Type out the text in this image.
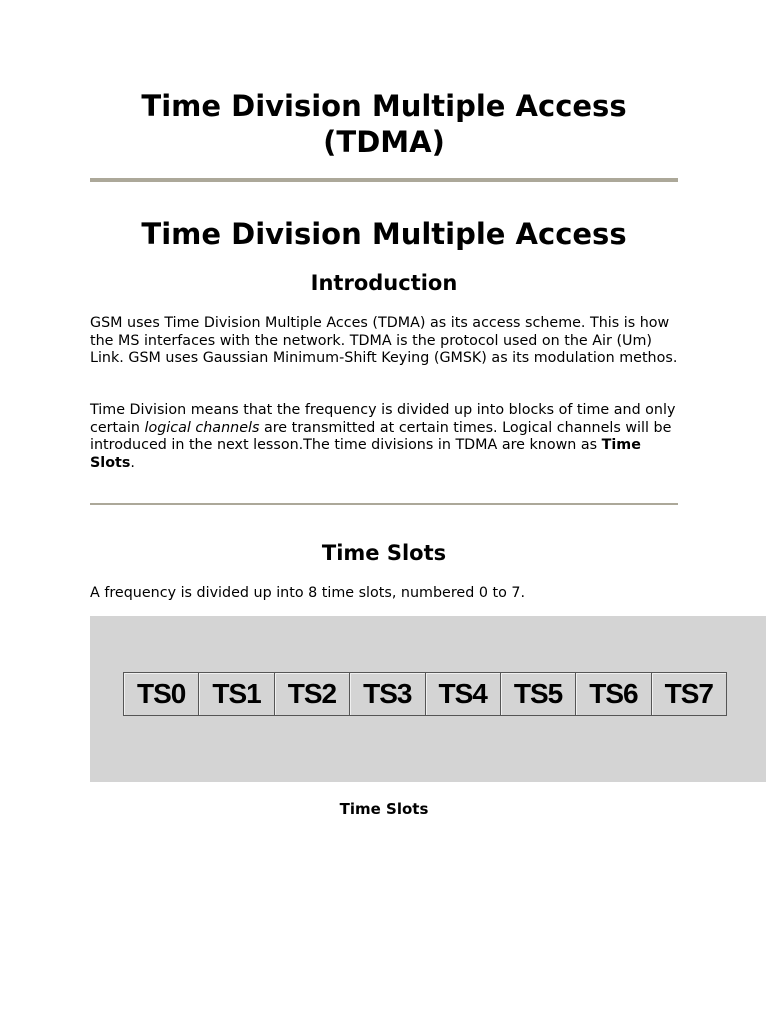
Time Division Multiple Access
(TDMA)
Time Division Multiple Access
Introduction

GSM uses Time Division Multiple Acces (TDMA) as its access scheme. This is how the MS interfaces with the network. TDMA is the protocol used on the Air (Um) Link. GSM uses Gaussian Minimum-Shift Keying (GMSK) as its modulation methos.

Time Division means that the frequency is divided up into blocks of time and only certain logical channels are transmitted at certain times. Logical channels will be introduced in the next lesson.The time divisions in TDMA are known as Time Slots.

Time Slots

A frequency is divided up into 8 time slots, numbered 0 to 7.

TS0 TS1 TS2 TS3 TS4 TS5 TS6 TS7

Time Slots
